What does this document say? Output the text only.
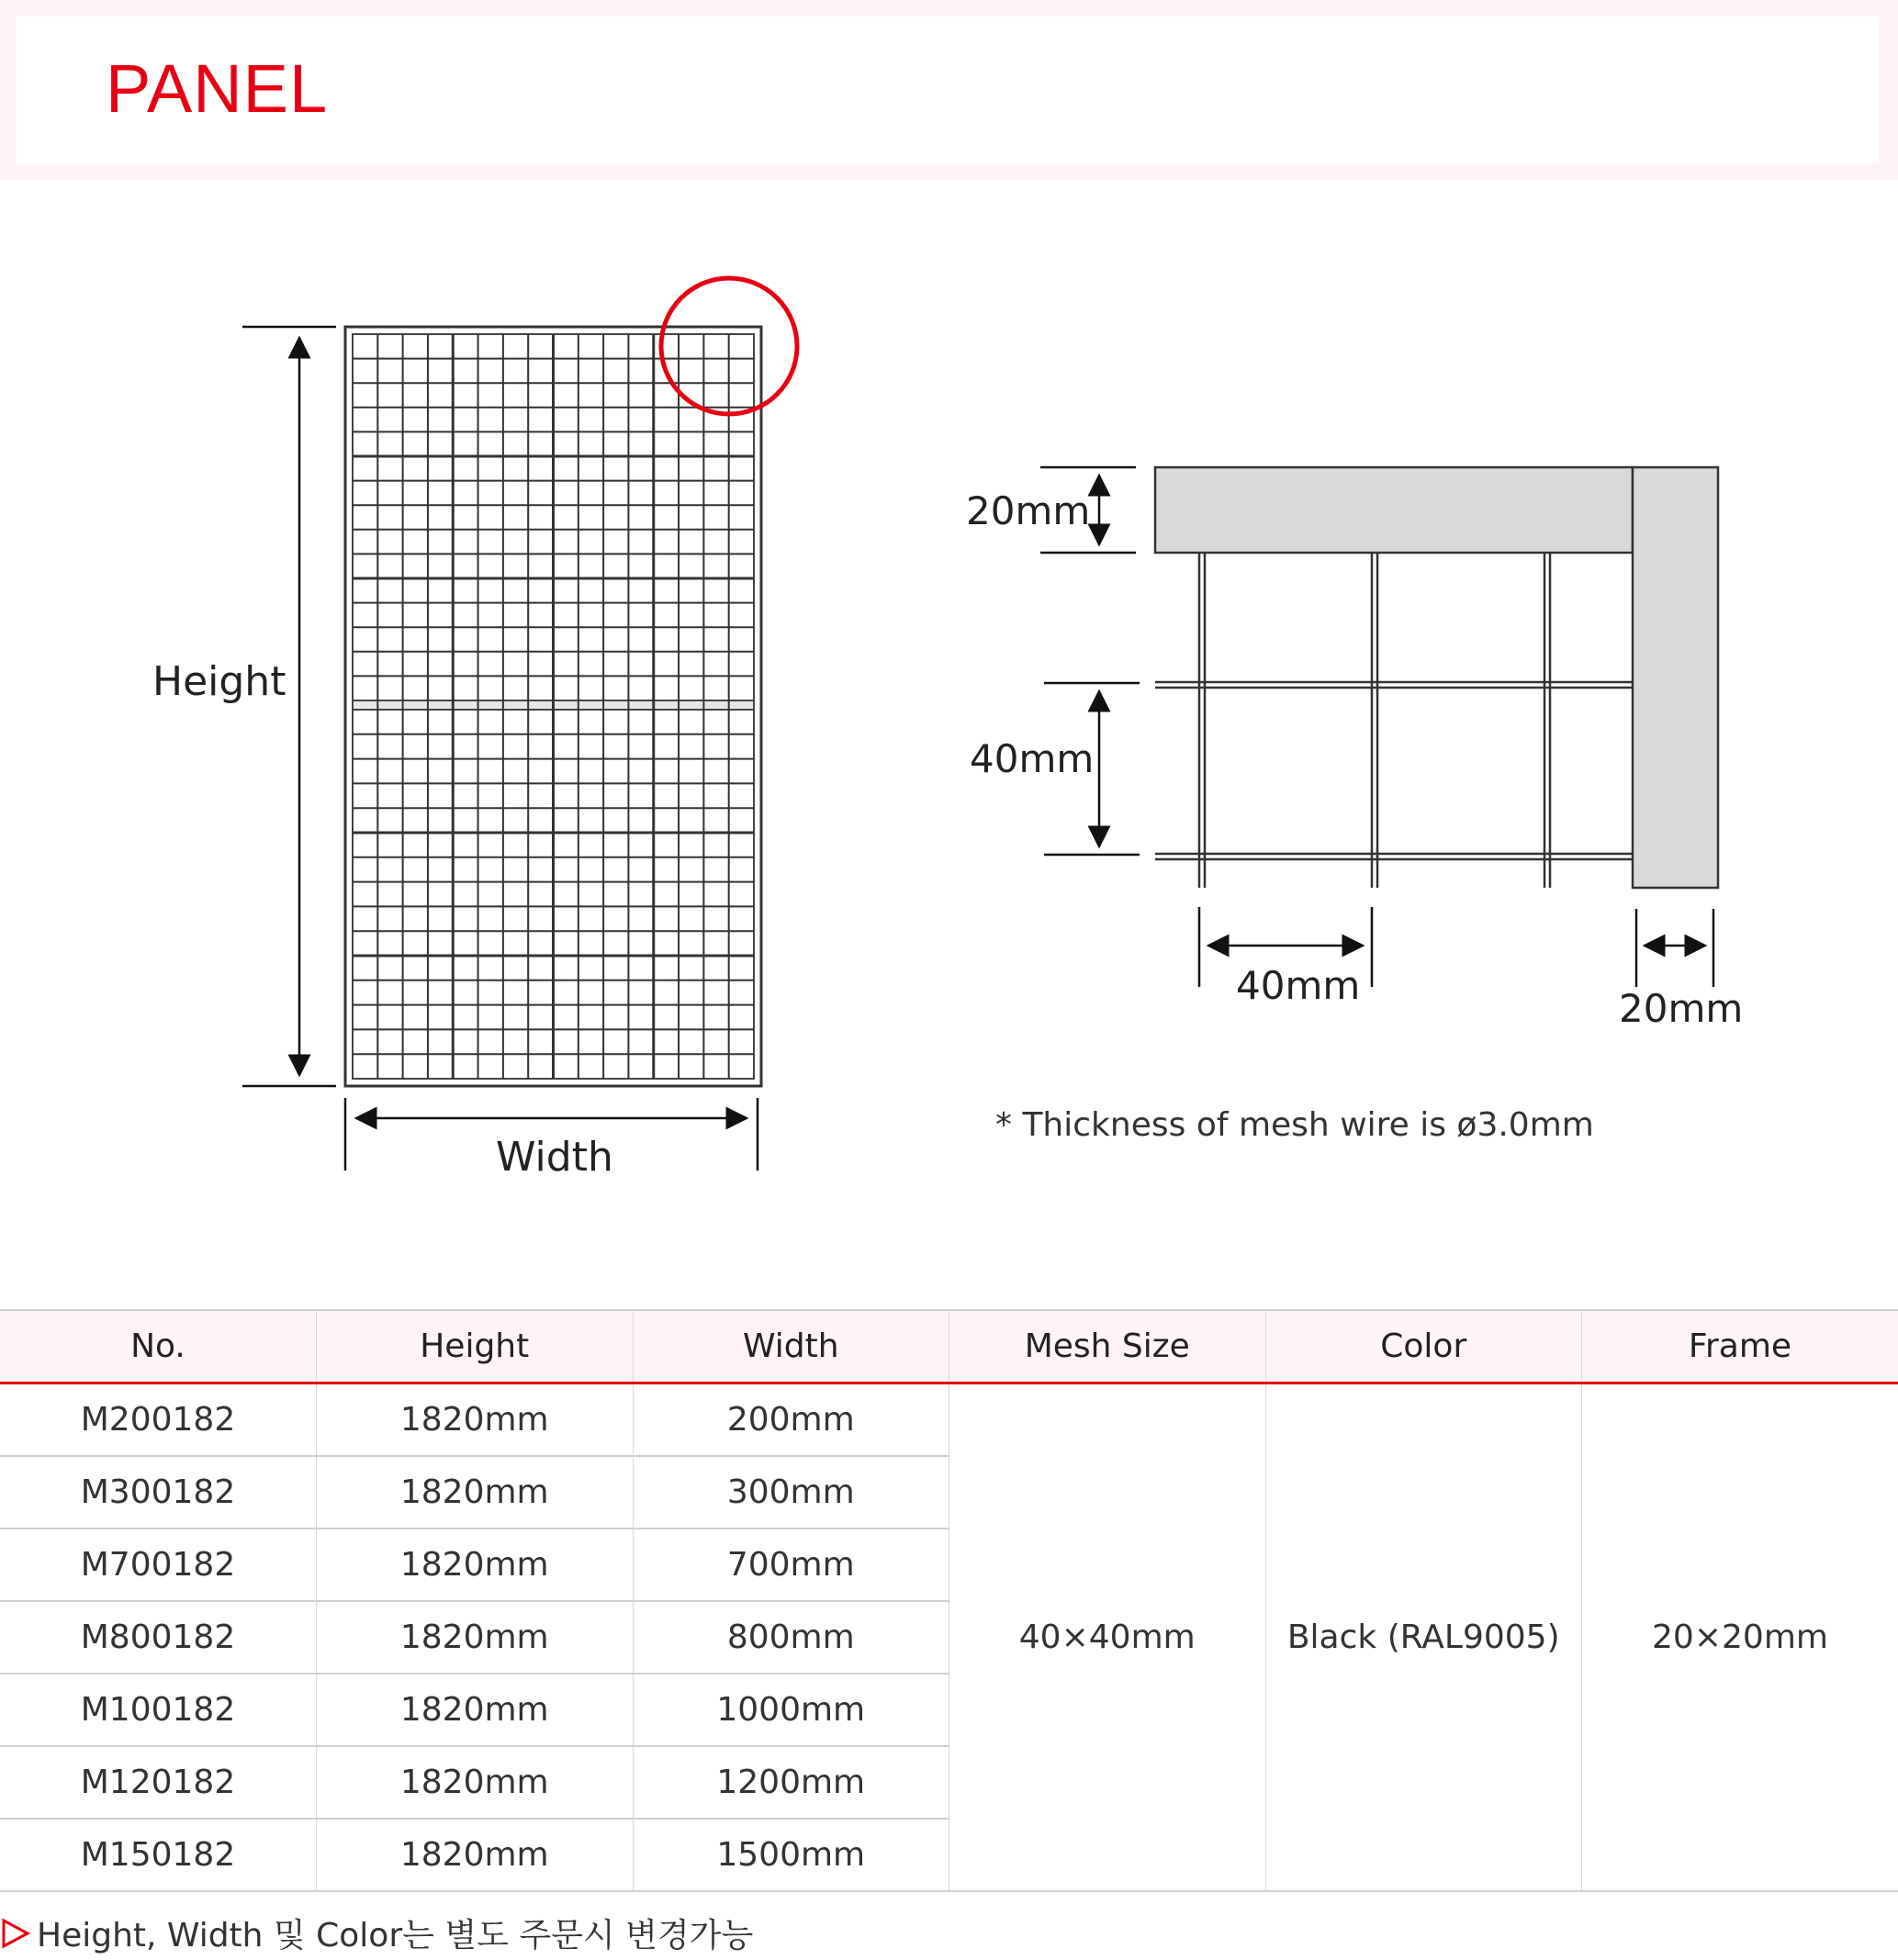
PANEL
Height
Width
20mm
40mm
40mm
20mm
* Thickness of mesh wire is ø3.0mm
No.	Height	Width	Mesh Size	Color	Frame
M200182	1820mm	200mm	40×40mm	Black (RAL9005)	20×20mm
M300182	1820mm	300mm			
M700182	1820mm	700mm			
M800182	1820mm	800mm			
M100182	1820mm	1000mm			
M120182	1820mm	1200mm			
M150182	1820mm	1500mm			
Height, Width 및 Color는 별도 주문시 변경가능
